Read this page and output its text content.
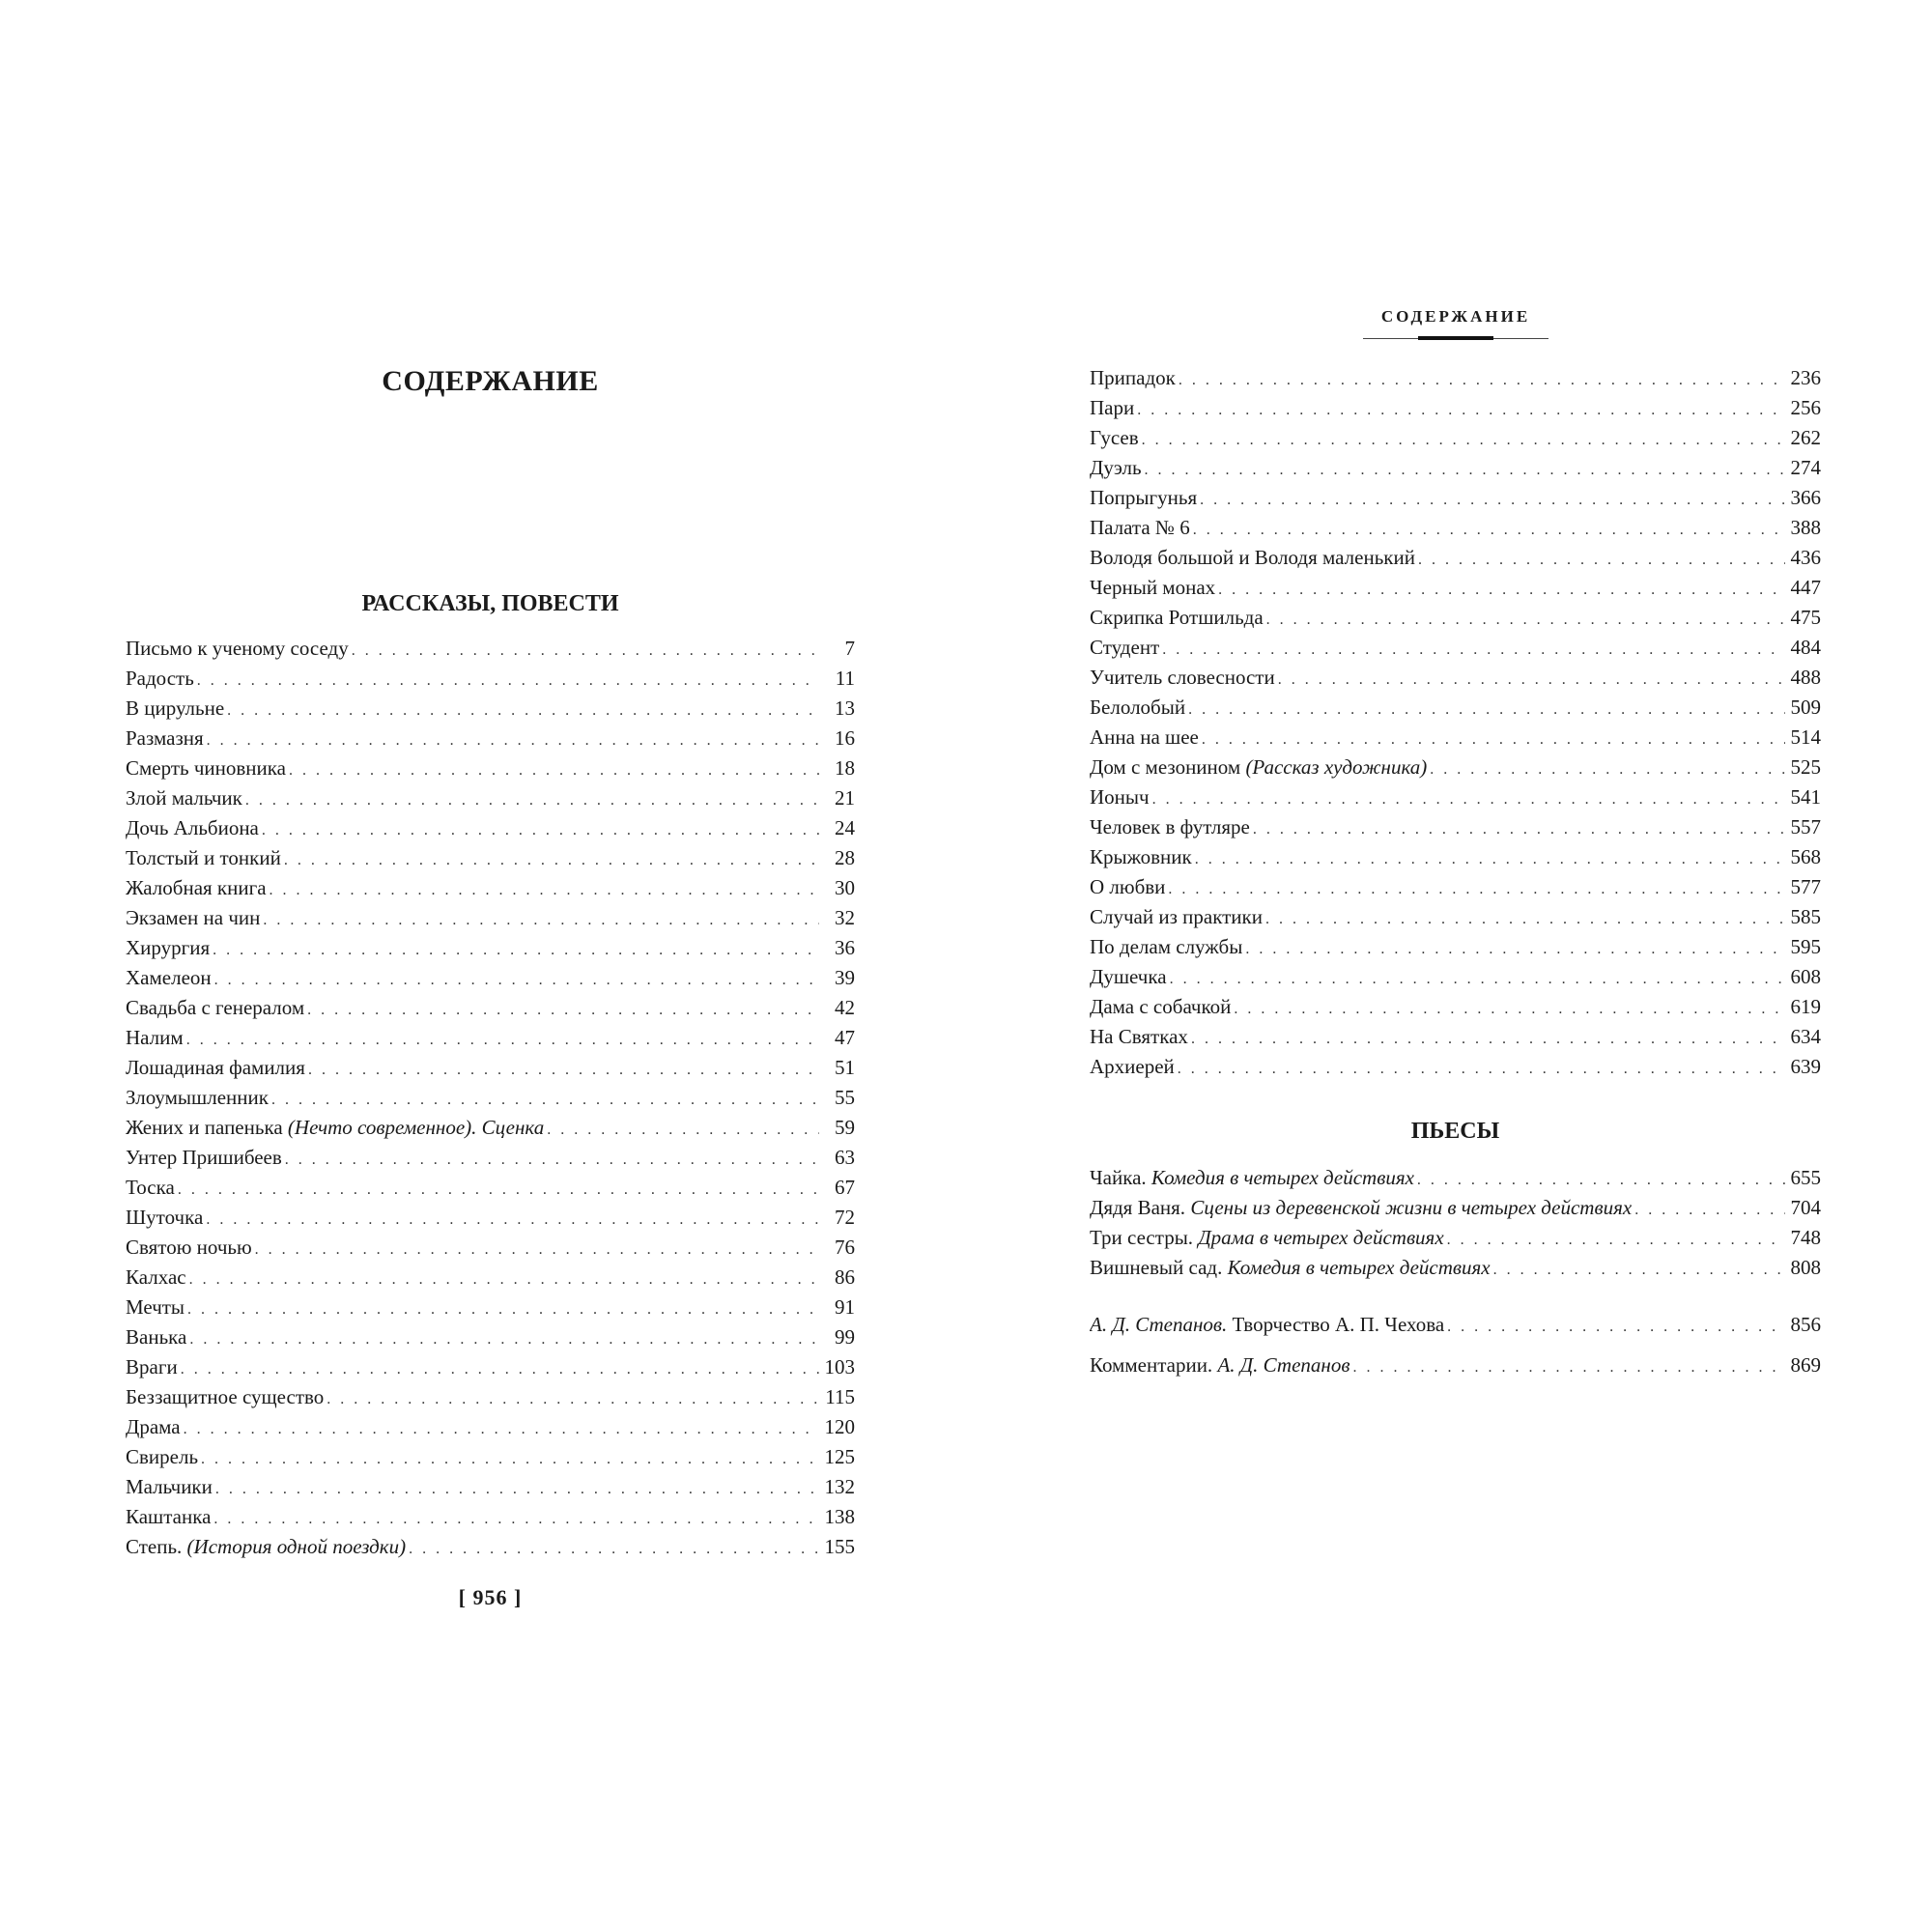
СОДЕРЖАНИЕ
РАССКАЗЫ, ПОВЕСТИ
Письмо к ученому соседу . . .	7
Радость . . .	11
В цирульне . . .	13
Размазня . . .	16
Смерть чиновника . . .	18
Злой мальчик . . .	21
Дочь Альбиона . . .	24
Толстый и тонкий . . .	28
Жалобная книга . . .	30
Экзамен на чин . . .	32
Хирургия . . .	36
Хамелеон . . .	39
Свадьба с генералом . . .	42
Налим . . .	47
Лошадиная фамилия . . .	51
Злоумышленник . . .	55
Жених и папенька (Нечто современное). Сценка . . .	59
Унтер Пришибеев . . .	63
Тоска . . .	67
Шуточка . . .	72
Святою ночью . . .	76
Калхас . . .	86
Мечты . . .	91
Ванька . . .	99
Враги . . .	103
Беззащитное существо . . .	115
Драма . . .	120
Свирель . . .	125
Мальчики . . .	132
Каштанка . . .	138
Степь. (История одной поездки) . . .	155
[ 956 ]
СОДЕРЖАНИЕ
Припадок . . .	236
Пари . . .	256
Гусев . . .	262
Дуэль . . .	274
Попрыгунья . . .	366
Палата № 6 . . .	388
Володя большой и Володя маленький . . .	436
Черный монах . . .	447
Скрипка Ротшильда . . .	475
Студент . . .	484
Учитель словесности . . .	488
Белолобый . . .	509
Анна на шее . . .	514
Дом с мезонином (Рассказ художника) . . .	525
Ионыч . . .	541
Человек в футляре . . .	557
Крыжовник . . .	568
О любви . . .	577
Случай из практики . . .	585
По делам службы . . .	595
Душечка . . .	608
Дама с собачкой . . .	619
На Святках . . .	634
Архиерей . . .	639
ПЬЕСЫ
Чайка. Комедия в четырех действиях . . .	655
Дядя Ваня. Сцены из деревенской жизни в четырех действиях . . .	704
Три сестры. Драма в четырех действиях . . .	748
Вишневый сад. Комедия в четырех действиях . . .	808
А. Д. Степанов. Творчество А. П. Чехова . . .	856
Комментарии. А. Д. Степанов . . .	869
